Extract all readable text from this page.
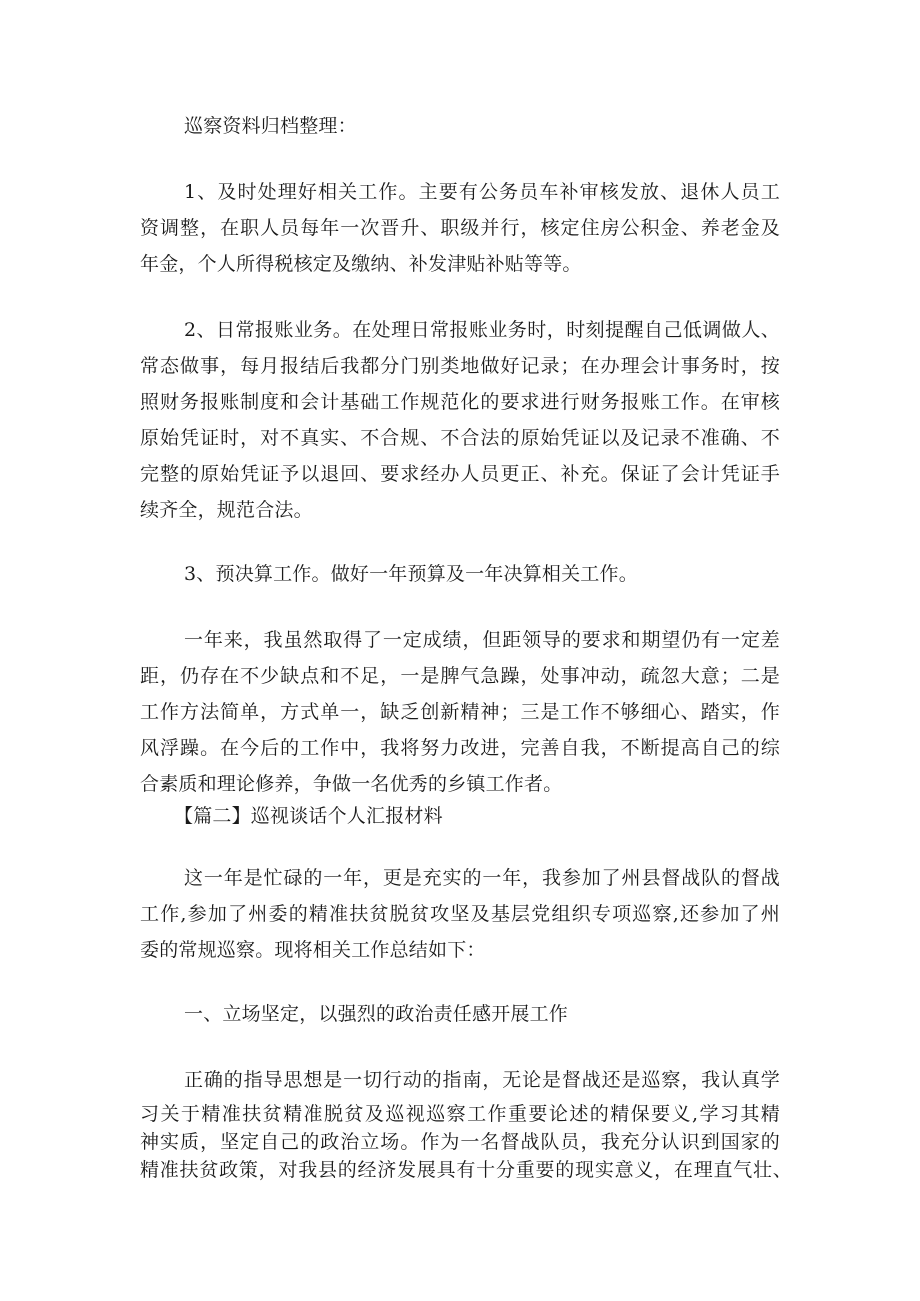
巡察资料归档整理：
1、及时处理好相关工作。主要有公务员车补审核发放、退休人员工
资调整，在职人员每年一次晋升、职级并行，核定住房公积金、养老金及
年金，个人所得税核定及缴纳、补发津贴补贴等等。
2、日常报账业务。在处理日常报账业务时，时刻提醒自己低调做人、
常态做事，每月报结后我都分门别类地做好记录；在办理会计事务时，按
照财务报账制度和会计基础工作规范化的要求进行财务报账工作。在审核
原始凭证时，对不真实、不合规、不合法的原始凭证以及记录不准确、不
完整的原始凭证予以退回、要求经办人员更正、补充。保证了会计凭证手
续齐全，规范合法。
3、预决算工作。做好一年预算及一年决算相关工作。
一年来，我虽然取得了一定成绩，但距领导的要求和期望仍有一定差
距，仍存在不少缺点和不足，一是脾气急躁，处事冲动，疏忽大意；二是
工作方法简单，方式单一，缺乏创新精神；三是工作不够细心、踏实，作
风浮躁。在今后的工作中，我将努力改进，完善自我，不断提高自己的综
合素质和理论修养，争做一名优秀的乡镇工作者。
【篇二】巡视谈话个人汇报材料
这一年是忙碌的一年，更是充实的一年，我参加了州县督战队的督战
工作,参加了州委的精准扶贫脱贫攻坚及基层党组织专项巡察,还参加了州
委的常规巡察。现将相关工作总结如下：
一、立场坚定，以强烈的政治责任感开展工作
正确的指导思想是一切行动的指南，无论是督战还是巡察，我认真学
习关于精准扶贫精准脱贫及巡视巡察工作重要论述的精保要义,学习其精
神实质，坚定自己的政治立场。作为一名督战队员，我充分认识到国家的
精准扶贫政策，对我县的经济发展具有十分重要的现实意义，在理直气壮、
